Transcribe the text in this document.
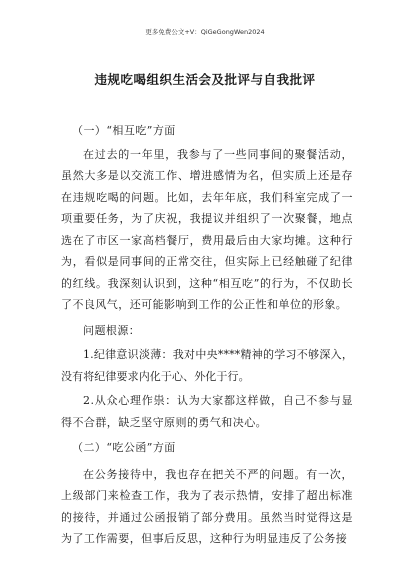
更多免费公文+V：QiGeGongWen2024
违规吃喝组织生活会及批评与自我批评

（一）“相互吃”方面

在过去的一年里，我参与了一些同事间的聚餐活动，虽然大多是以交流工作、增进感情为名，但实质上还是存在违规吃喝的问题。比如，去年年底，我们科室完成了一项重要任务，为了庆祝，我提议并组织了一次聚餐，地点选在了市区一家高档餐厅，费用最后由大家均摊。这种行为，看似是同事间的正常交往，但实际上已经触碰了纪律的红线。我深刻认识到，这种“相互吃”的行为，不仅助长了不良风气，还可能影响到工作的公正性和单位的形象。

问题根源：

1.纪律意识淡薄：我对中央****精神的学习不够深入，没有将纪律要求内化于心、外化于行。

2.从众心理作祟：认为大家都这样做，自己不参与显得不合群，缺乏坚守原则的勇气和决心。

（二）“吃公函”方面

在公务接待中，我也存在把关不严的问题。有一次，上级部门来检查工作，我为了表示热情，安排了超出标准的接待，并通过公函报销了部分费用。虽然当时觉得这是为了工作需要，但事后反思，这种行为明显违反了公务接
